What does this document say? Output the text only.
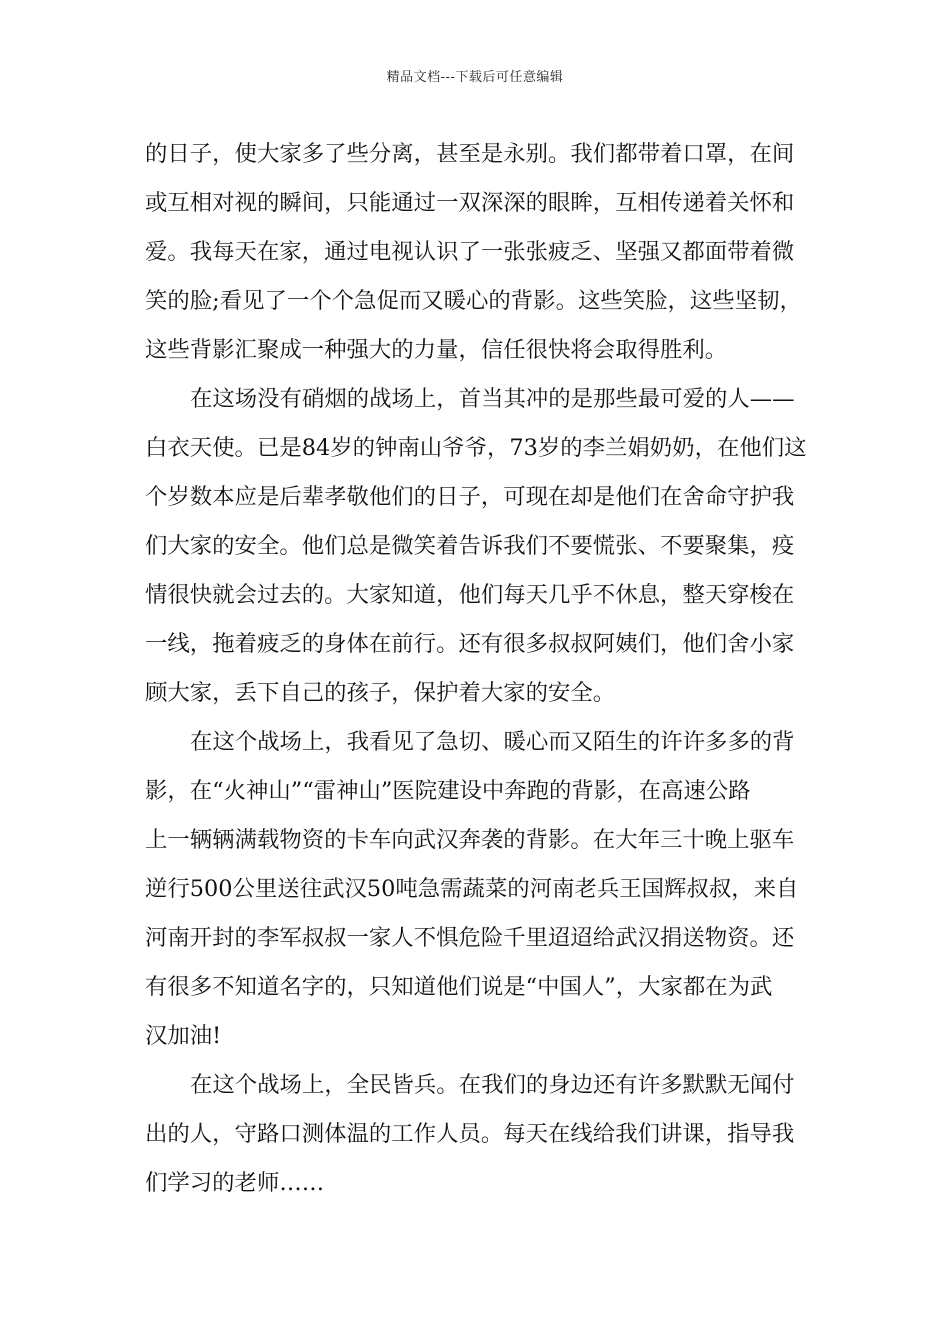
精品文档---下载后可任意编辑

的日子，使大家多了些分离，甚至是永别。我们都带着口罩，在间
或互相对视的瞬间，只能通过一双深深的眼眸，互相传递着关怀和
爱。我每天在家，通过电视认识了一张张疲乏、坚强又都面带着微
笑的脸;看见了一个个急促而又暖心的背影。这些笑脸，这些坚韧，
这些背影汇聚成一种强大的力量，信任很快将会取得胜利。

在这场没有硝烟的战场上，首当其冲的是那些最可爱的人——
白衣天使。已是84岁的钟南山爷爷，73岁的李兰娟奶奶，在他们这
个岁数本应是后辈孝敬他们的日子，可现在却是他们在舍命守护我
们大家的安全。他们总是微笑着告诉我们不要慌张、不要聚集，疫
情很快就会过去的。大家知道，他们每天几乎不休息，整天穿梭在
一线，拖着疲乏的身体在前行。还有很多叔叔阿姨们，他们舍小家
顾大家，丢下自己的孩子，保护着大家的安全。

在这个战场上，我看见了急切、暖心而又陌生的许许多多的背
影，在“火神山”“雷神山”医院建设中奔跑的背影，在高速公路
上一辆辆满载物资的卡车向武汉奔袭的背影。在大年三十晚上驱车
逆行500公里送往武汉50吨急需蔬菜的河南老兵王国辉叔叔，来自
河南开封的李军叔叔一家人不惧危险千里迢迢给武汉捐送物资。还
有很多不知道名字的，只知道他们说是“中国人”，大家都在为武
汉加油!

在这个战场上，全民皆兵。在我们的身边还有许多默默无闻付
出的人，守路口测体温的工作人员。每天在线给我们讲课，指导我
们学习的老师……
